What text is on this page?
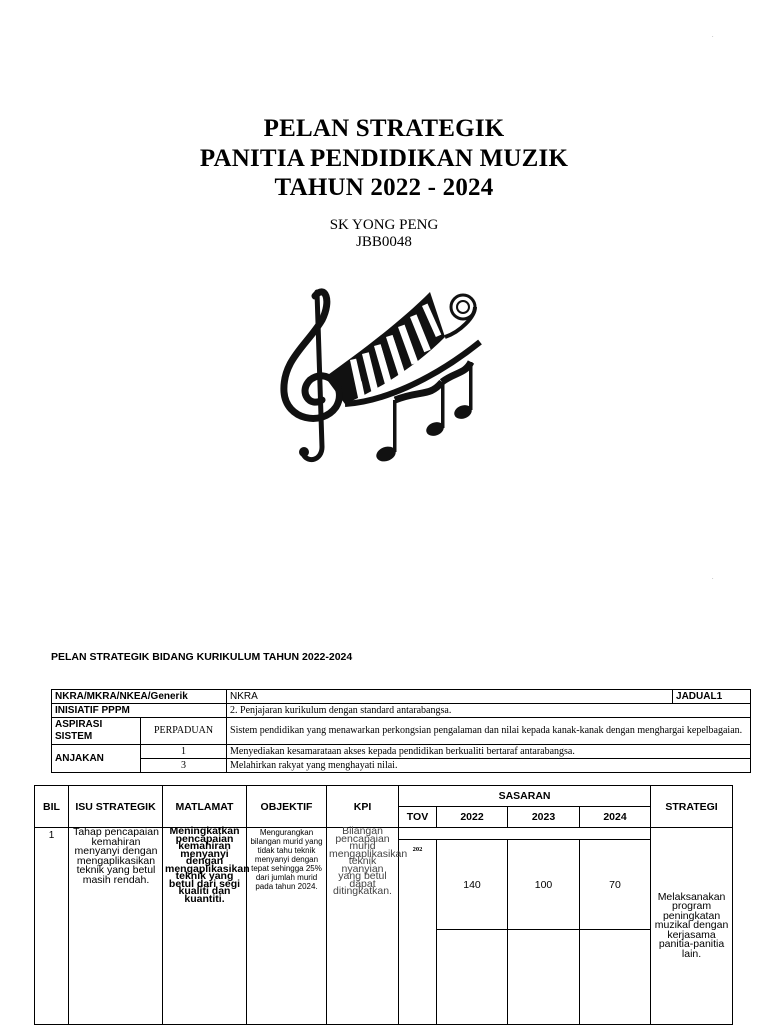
.
.
PELAN STRATEGIK
PANITIA PENDIDIKAN MUZIK
TAHUN 2022 - 2024
SK YONG PENG
JBB0048
PELAN STRATEGIK BIDANG KURIKULUM TAHUN 2022-2024
NKRA/MKRA/NKEA/Generik		NKRA	JADUAL1
INISIATIF PPPM		2. Penjajaran kurikulum dengan standard antarabangsa.	
ASPIRASI SISTEM	PERPADUAN	Sistem pendidikan yang menawarkan perkongsian pengalaman dan nilai kepada kanak-kanak dengan menghargai kepelbagaian.	
ANJAKAN	1	Menyediakan kesamarataan akses kepada pendidikan berkualiti bertaraf antarabangsa.	
	3	Melahirkan rakyat yang menghayati nilai.	
BIL	ISU STRATEGIK	MATLAMAT	OBJEKTIF	KPI	SASARAN				STRATEGI
					TOV	2022	2023	2024	
1	Tahap pencapaian kemahiran menyanyi dengan mengaplikasikan teknik yang betul masih rendah.	Meningkatkan pencapaian kemahiran menyanyi dengan mengaplikasikan teknik yang betul dari segi kualiti dan kuantiti.	Mengurangkan bilangan murid yang tidak tahu teknik menyanyi dengan tepat sehingga 25% dari jumlah murid pada tahun 2024.	Bilangan pencapaian murid mengaplikasikan teknik nyanyian yang betul dapat ditingkatkan.					Melaksanakan program peningkatan muzikal dengan kerjasama panitia-panitia lain.
					202	140	100	70	
